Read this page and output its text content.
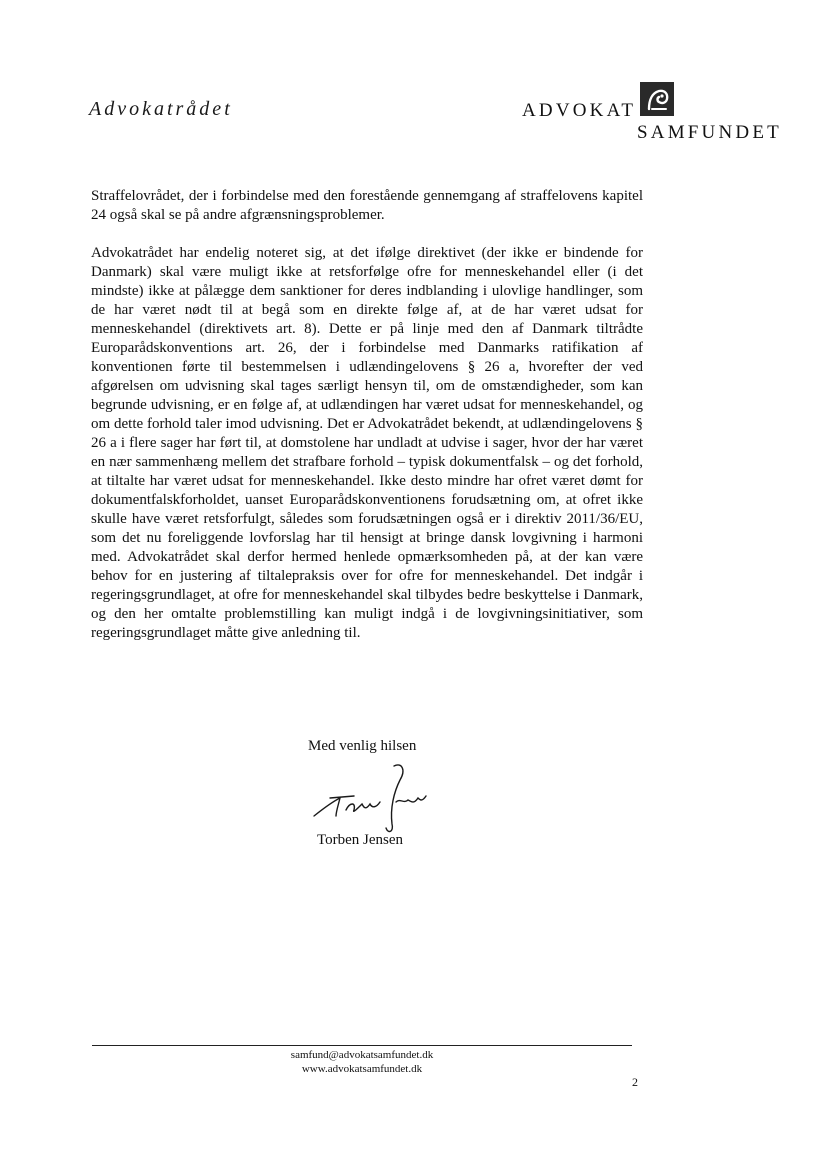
Advokatrådet	ADVOKAT
SAMFUNDET

Straffelovrådet, der i forbindelse med den forestående gennemgang af straffelovens kapitel 24 også skal se på andre afgrænsningsproblemer.

Advokatrådet har endelig noteret sig, at det ifølge direktivet (der ikke er bindende for Danmark) skal være muligt ikke at retsforfølge ofre for menneskehandel eller (i det mindste) ikke at pålægge dem sanktioner for deres indblanding i ulovlige handlinger, som de har været nødt til at begå som en direkte følge af, at de har været udsat for menneskehandel (direktivets art. 8). Dette er på linje med den af Danmark tiltrådte Europarådskonventions art. 26, der i forbindelse med Danmarks ratifikation af konventionen førte til bestemmelsen i udlændingelovens § 26 a, hvorefter der ved afgørelsen om udvisning skal tages særligt hensyn til, om de omstændigheder, som kan begrunde udvisning, er en følge af, at udlændingen har været udsat for menneskehandel, og om dette forhold taler imod udvisning. Det er Advokatrådet bekendt, at udlændingelovens § 26 a i flere sager har ført til, at domstolene har undladt at udvise i sager, hvor der har været en nær sammenhæng mellem det strafbare forhold – typisk dokumentfalsk – og det forhold, at tiltalte har været udsat for menneskehandel. Ikke desto mindre har ofret været dømt for dokumentfalskforholdet, uanset Europarådskonventionens forudsætning om, at ofret ikke skulle have været retsforfulgt, således som forudsætningen også er i direktiv 2011/36/EU, som det nu foreliggende lovforslag har til hensigt at bringe dansk lovgivning i harmoni med. Advokatrådet skal derfor hermed henlede opmærksomheden på, at der kan være behov for en justering af tiltalepraksis over for ofre for menneskehandel. Det indgår i regeringsgrundlaget, at ofre for menneskehandel skal tilbydes bedre beskyttelse i Danmark, og den her omtalte problemstilling kan muligt indgå i de lovgivningsinitiativer, som regeringsgrundlaget måtte give anledning til.

Med venlig hilsen
Torben Jensen
samfund@advokatsamfundet.dk
www.advokatsamfundet.dk
2
